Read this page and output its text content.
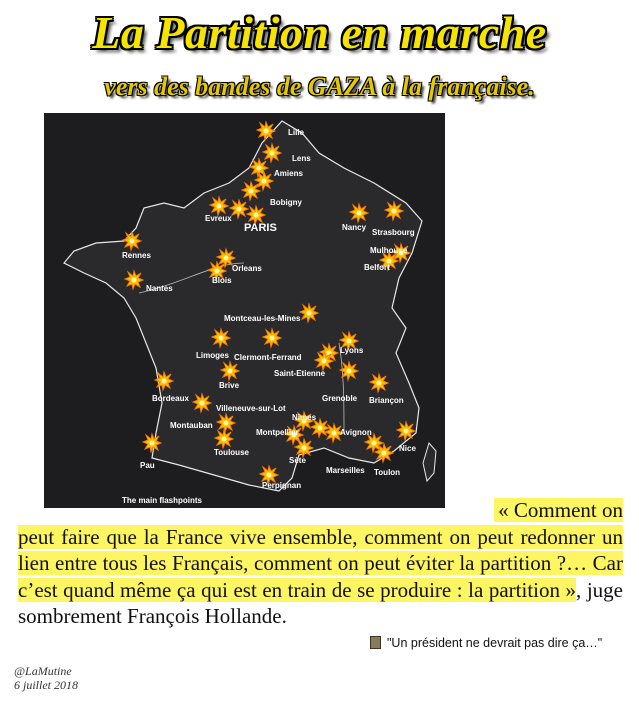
La Partition en marche
vers des bandes de GAZA à la française.
Lille
Lens
Amiens
Bobigny
Evreux
PARIS	Nancy
Strasbourg
Mulhouse
Belfort
Rennes
Orleans
Blois
Nantes
Montceau-les-Mines
Limoges Clermont-Ferrand
Lyons
Saint-Etienne
Brive
Grenoble Briançon
Bordeaux
Villeneuve-sur-Lot
Nimes
Montauban
Montpellier	Avignon
Nice
Toulouse
Sète
Marseilles Toulon
Pau
Perpignan
The main flashpoints	« Comment on
peut faire que la France vive ensemble, comment on peut redonner un lien entre tous les Français, comment on peut éviter la partition ?… Car c’est quand même ça qui est en train de se produire : la partition », juge sombrement François Hollande.
"Un président ne devrait pas dire ça…"
@LaMutine
6 juillet 2018
